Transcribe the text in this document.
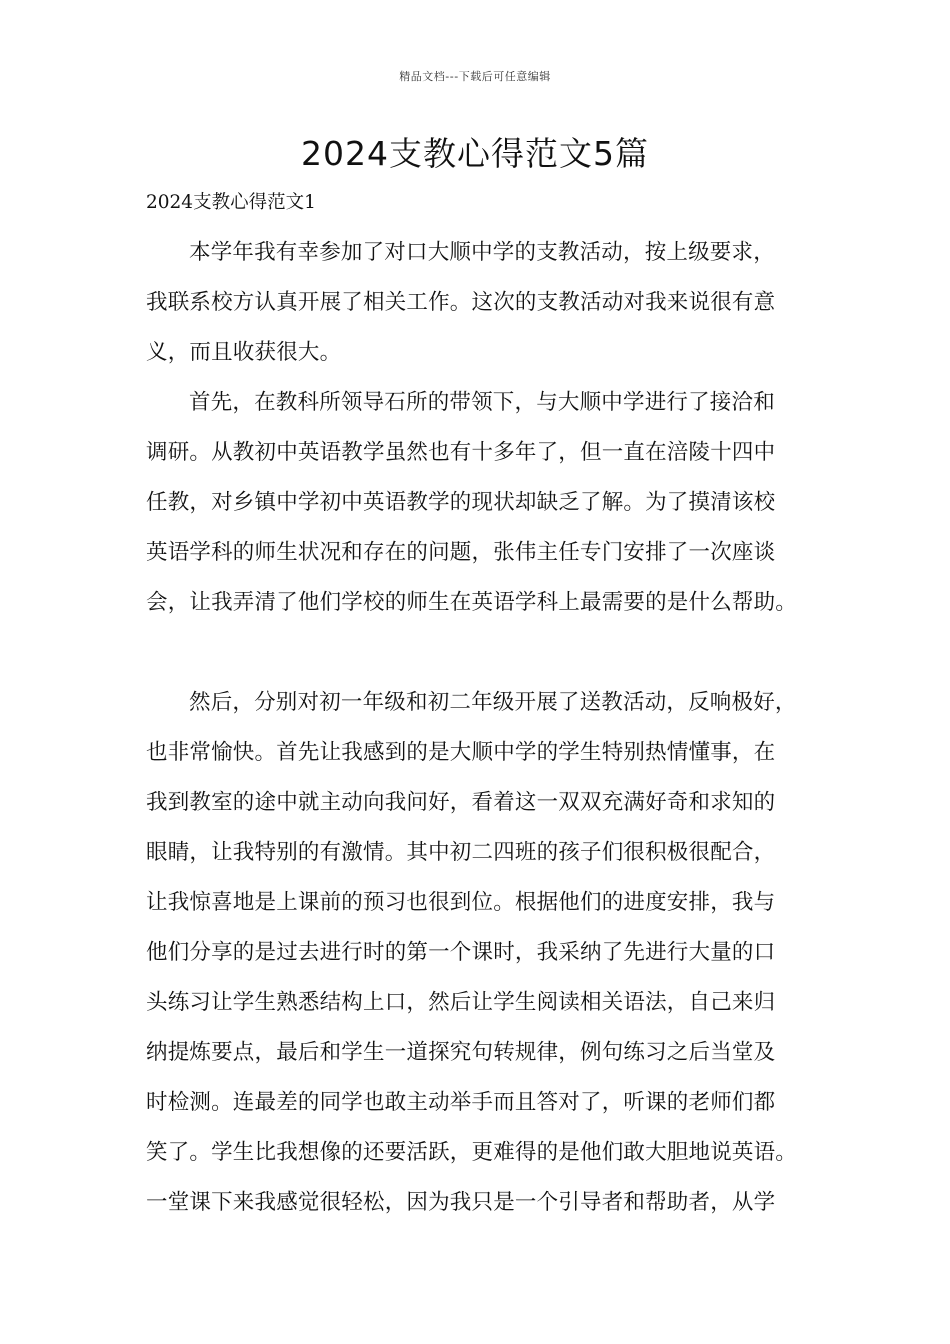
精品文档---下载后可任意编辑
2024支教心得范文5篇
2024支教心得范文1

本学年我有幸参加了对口大顺中学的支教活动，按上级要求，
我联系校方认真开展了相关工作。这次的支教活动对我来说很有意
义，而且收获很大。

首先，在教科所领导石所的带领下，与大顺中学进行了接洽和
调研。从教初中英语教学虽然也有十多年了，但一直在涪陵十四中
任教，对乡镇中学初中英语教学的现状却缺乏了解。为了摸清该校
英语学科的师生状况和存在的问题，张伟主任专门安排了一次座谈
会，让我弄清了他们学校的师生在英语学科上最需要的是什么帮助。

然后，分别对初一年级和初二年级开展了送教活动，反响极好，
也非常愉快。首先让我感到的是大顺中学的学生特别热情懂事，在
我到教室的途中就主动向我问好，看着这一双双充满好奇和求知的
眼睛，让我特别的有激情。其中初二四班的孩子们很积极很配合，
让我惊喜地是上课前的预习也很到位。根据他们的进度安排，我与
他们分享的是过去进行时的第一个课时，我采纳了先进行大量的口
头练习让学生熟悉结构上口，然后让学生阅读相关语法，自己来归
纳提炼要点，最后和学生一道探究句转规律，例句练习之后当堂及
时检测。连最差的同学也敢主动举手而且答对了，听课的老师们都
笑了。学生比我想像的还要活跃，更难得的是他们敢大胆地说英语。
一堂课下来我感觉很轻松，因为我只是一个引导者和帮助者，从学
